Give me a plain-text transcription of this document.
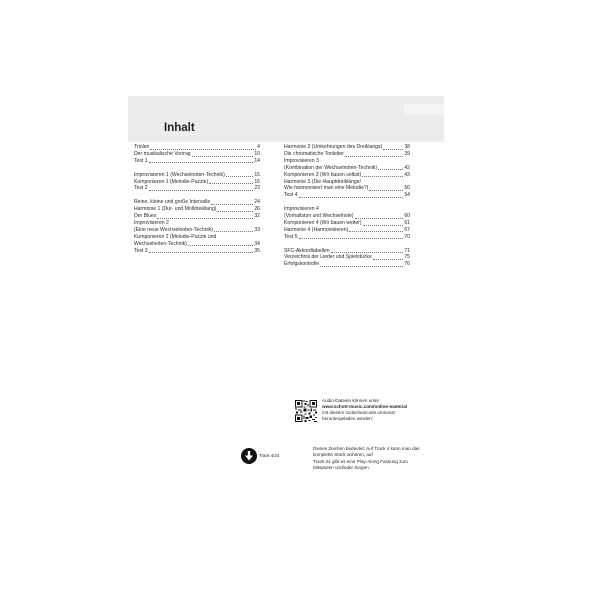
Inhalt
Triolen	4
Der musikalische Vortrag	10
Test 1	14
Improvisieren 1 (Wechselnoten-Technik)	15
Komponieren 1 (Melodie-Puzzle)	16
Test 2	23
Reine, kleine und große Intervalle	24
Harmonie 1 (Dur- und Molldreiklang)	26
Der Blues	32
Improvisieren 2
(Eine neue Wechselnoten-Technik)	33
Komponieren 2 (Melodie-Puzzle und
Wechselnoten-Technik)	34
Test 3	35
Harmonie 2 (Umkehrungen des Dreiklangs)	38
Die chromatische Tonleiter	39
Improvisieren 3
(Kombination der Wechselnoten-Technik)	42
Komponieren 3 (Wir bauen selbst)	43
Harmonie 3 (Die Hauptdreiklänge/
Wie harmonisiert man eine Melodie?)	50
Test 4	54
Improvisieren 4
(Vorhaltston und Wechselnote)	60
Komponieren 4 (Wir bauen weiter)	61
Harmonie 4 (Harmonisieren)	67
Test 5	70
SFC-Akkordtabellen	71
Verzeichnis der Lieder und Spielstücke	75
Erfolgskontrolle	76
Audio-Dateien können unter
www.schott-music.com/online-material
mit diesem Gutscheincode umsonst
heruntergeladen werden:
Track 4/24
Dieses Zeichen bedeutet: Auf Track 4 kann man das
komplette Stück anhören, auf
Track 24 gibt es eine Play-Along Fassung zum
Mitspielen und/oder Singen.
